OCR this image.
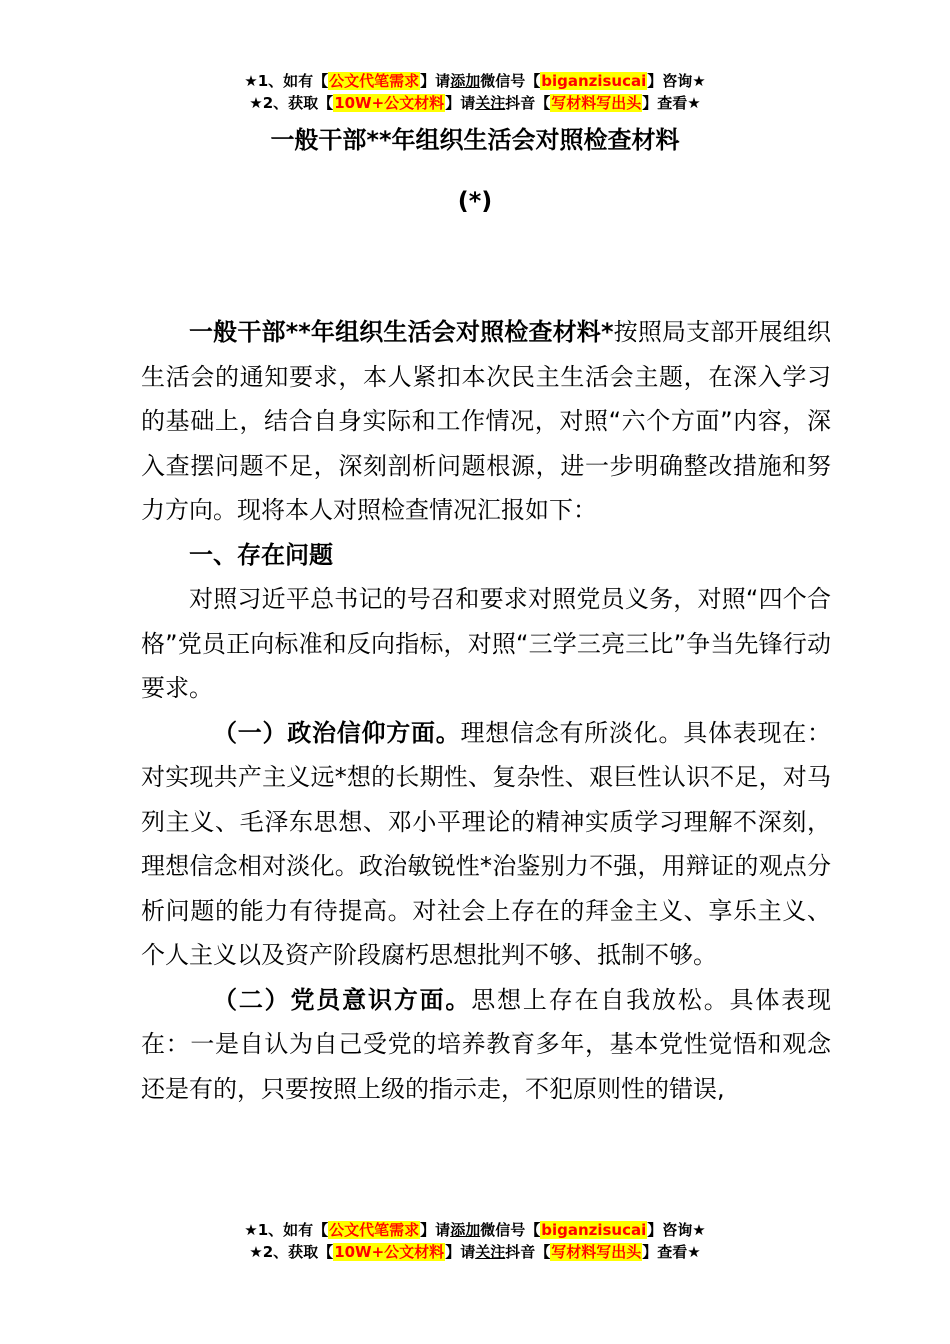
★1、如有【公文代笔需求】请添加微信号【biganzisucai】咨询★
★2、获取【10W+公文材料】请关注抖音【写材料写出头】查看★
一般干部**年组织生活会对照检查材料
(*)

一般干部**年组织生活会对照检查材料*按照局支部开展组织生活会的通知要求，本人紧扣本次民主生活会主题，在深入学习的基础上，结合自身实际和工作情况，对照“六个方面”内容，深入查摆问题不足，深刻剖析问题根源，进一步明确整改措施和努力方向。现将本人对照检查情况汇报如下：

一、存在问题

对照习近平总书记的号召和要求对照党员义务，对照“四个合格”党员正向标准和反向指标，对照“三学三亮三比”争当先锋行动要求。

（一）政治信仰方面。理想信念有所淡化。具体表现在：对实现共产主义远*想的长期性、复杂性、艰巨性认识不足，对马列主义、毛泽东思想、邓小平理论的精神实质学习理解不深刻，理想信念相对淡化。政治敏锐性*治鉴别力不强，用辩证的观点分析问题的能力有待提高。对社会上存在的拜金主义、享乐主义、个人主义以及资产阶段腐朽思想批判不够、抵制不够。

（二）党员意识方面。思想上存在自我放松。具体表现在：一是自认为自己受党的培养教育多年，基本党性觉悟和观念还是有的，只要按照上级的指示走，不犯原则性的错误,

★1、如有【公文代笔需求】请添加微信号【biganzisucai】咨询★
★2、获取【10W+公文材料】请关注抖音【写材料写出头】查看★
